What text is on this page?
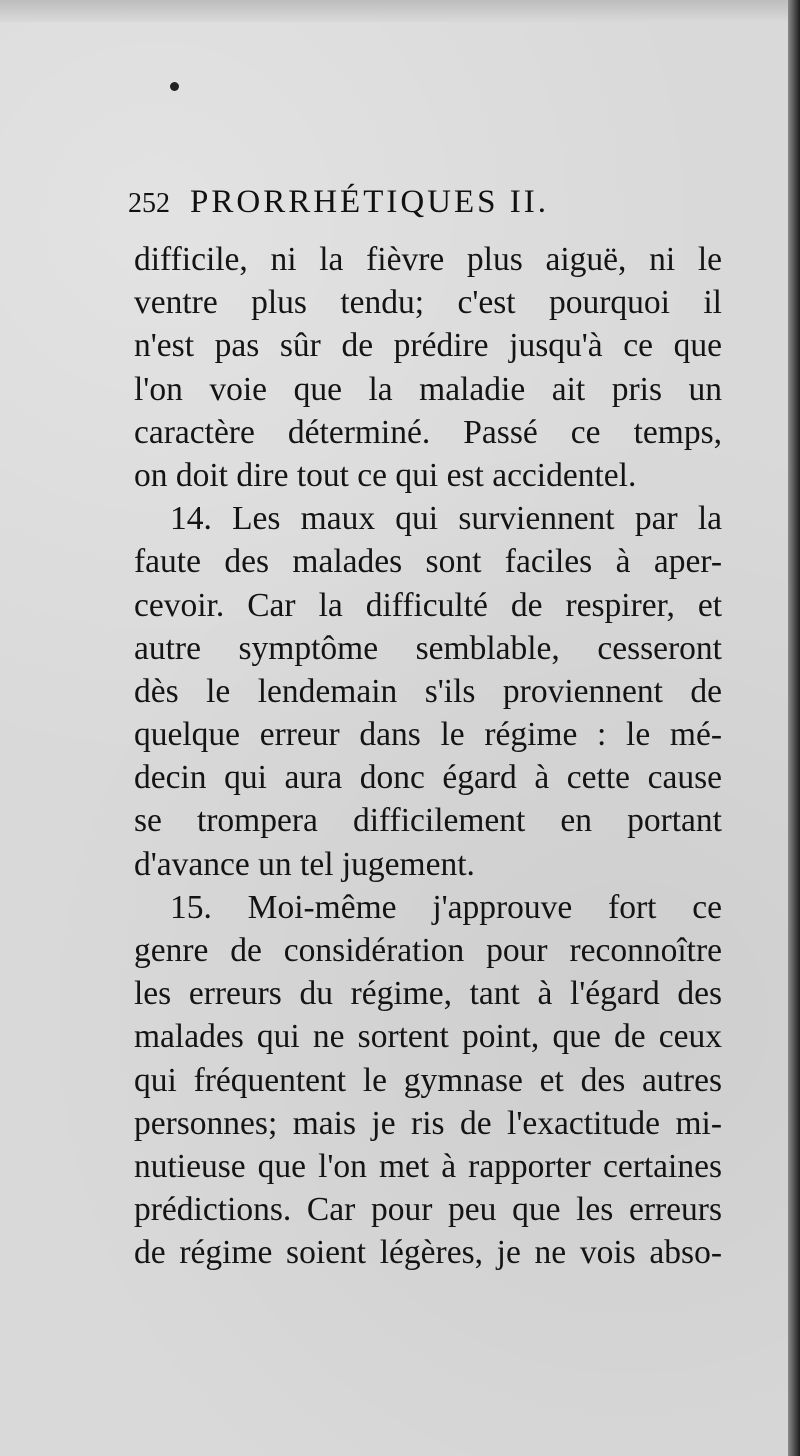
252 PRORRHÉTIQUES II.
difficile, ni la fièvre plus aiguë, ni le
ventre plus tendu; c'est pourquoi il
n'est pas sûr de prédire jusqu'à ce que
l'on voie que la maladie ait pris un
caractère déterminé. Passé ce temps,
on doit dire tout ce qui est accidentel.
14. Les maux qui surviennent par la
faute des malades sont faciles à aper-
cevoir. Car la difficulté de respirer, et
autre symptôme semblable, cesseront
dès le lendemain s'ils proviennent de
quelque erreur dans le régime : le mé-
decin qui aura donc égard à cette cause
se trompera difficilement en portant
d'avance un tel jugement.
15. Moi-même j'approuve fort ce
genre de considération pour reconnoître
les erreurs du régime, tant à l'égard des
malades qui ne sortent point, que de ceux
qui fréquentent le gymnase et des autres
personnes; mais je ris de l'exactitude mi-
nutieuse que l'on met à rapporter certaines
prédictions. Car pour peu que les erreurs
de régime soient légères, je ne vois abso-
